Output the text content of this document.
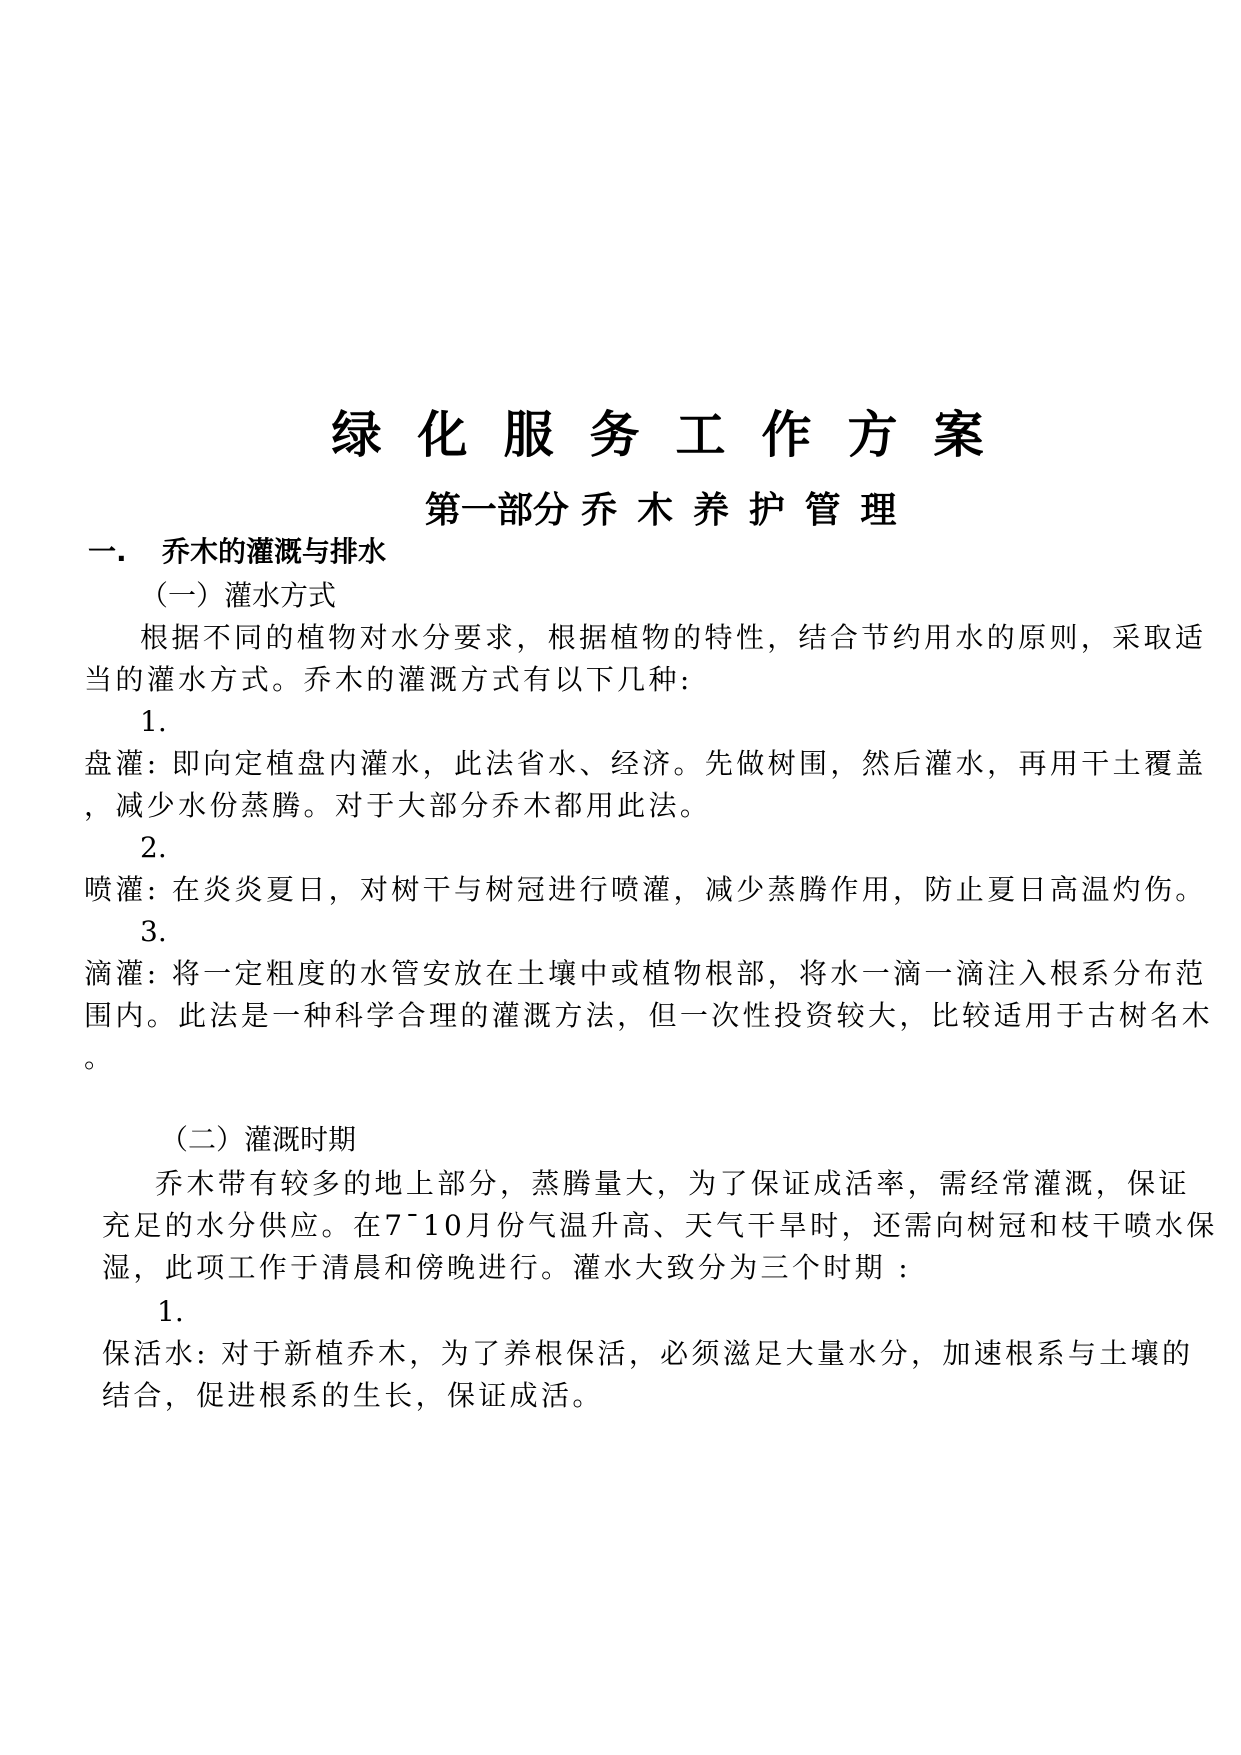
绿化服务工作方案
第一部分 乔木养护管理

一. 乔木的灌溉与排水

（一）灌水方式

根据不同的植物对水分要求，根据植物的特性，结合节约用水的原则，采取适

当的灌水方式。乔木的灌溉方式有以下几种:

1.

盘灌: 即向定植盘内灌水，此法省水、经济。先做树围，然后灌水，再用干土覆盖

，减少水份蒸腾。对于大部分乔木都用此法。

2.

喷灌: 在炎炎夏日，对树干与树冠进行喷灌，减少蒸腾作用，防止夏日高温灼伤。

3.

滴灌: 将一定粗度的水管安放在土壤中或植物根部，将水一滴一滴注入根系分布范

围内。此法是一种科学合理的灌溉方法，但一次性投资较大，比较适用于古树名木

。

（二）灌溉时期

乔木带有较多的地上部分，蒸腾量大，为了保证成活率，需经常灌溉，保证

充足的水分供应。在7¯10月份气温升高、天气干旱时，还需向树冠和枝干喷水保

湿，此项工作于清晨和傍晚进行。灌水大致分为三个时期 :

1.

保活水: 对于新植乔木，为了养根保活，必须滋足大量水分，加速根系与土壤的

结合，促进根系的生长，保证成活。
